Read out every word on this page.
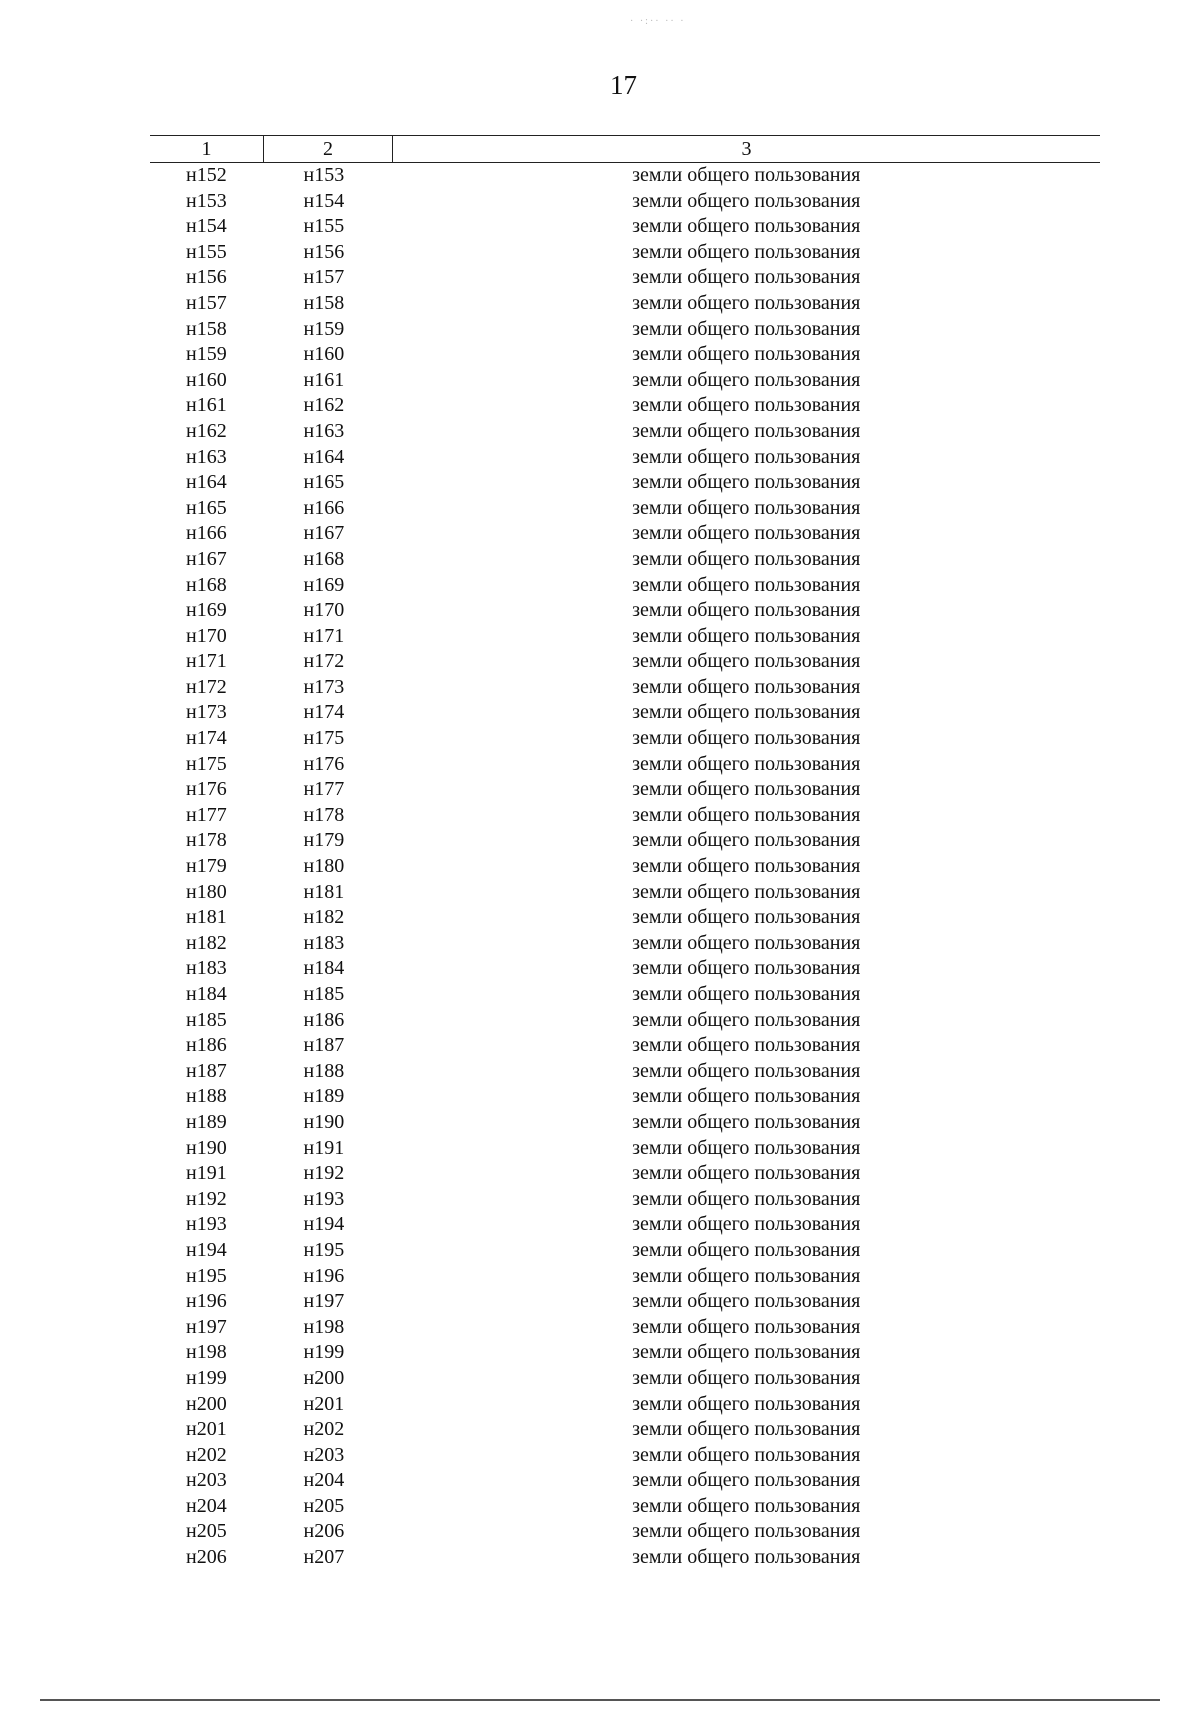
· ·:·· ·· ·
17
1	2	3
н152	н153	земли общего пользования
н153	н154	земли общего пользования
н154	н155	земли общего пользования
н155	н156	земли общего пользования
н156	н157	земли общего пользования
н157	н158	земли общего пользования
н158	н159	земли общего пользования
н159	н160	земли общего пользования
н160	н161	земли общего пользования
н161	н162	земли общего пользования
н162	н163	земли общего пользования
н163	н164	земли общего пользования
н164	н165	земли общего пользования
н165	н166	земли общего пользования
н166	н167	земли общего пользования
н167	н168	земли общего пользования
н168	н169	земли общего пользования
н169	н170	земли общего пользования
н170	н171	земли общего пользования
н171	н172	земли общего пользования
н172	н173	земли общего пользования
н173	н174	земли общего пользования
н174	н175	земли общего пользования
н175	н176	земли общего пользования
н176	н177	земли общего пользования
н177	н178	земли общего пользования
н178	н179	земли общего пользования
н179	н180	земли общего пользования
н180	н181	земли общего пользования
н181	н182	земли общего пользования
н182	н183	земли общего пользования
н183	н184	земли общего пользования
н184	н185	земли общего пользования
н185	н186	земли общего пользования
н186	н187	земли общего пользования
н187	н188	земли общего пользования
н188	н189	земли общего пользования
н189	н190	земли общего пользования
н190	н191	земли общего пользования
н191	н192	земли общего пользования
н192	н193	земли общего пользования
н193	н194	земли общего пользования
н194	н195	земли общего пользования
н195	н196	земли общего пользования
н196	н197	земли общего пользования
н197	н198	земли общего пользования
н198	н199	земли общего пользования
н199	н200	земли общего пользования
н200	н201	земли общего пользования
н201	н202	земли общего пользования
н202	н203	земли общего пользования
н203	н204	земли общего пользования
н204	н205	земли общего пользования
н205	н206	земли общего пользования
н206	н207	земли общего пользования
